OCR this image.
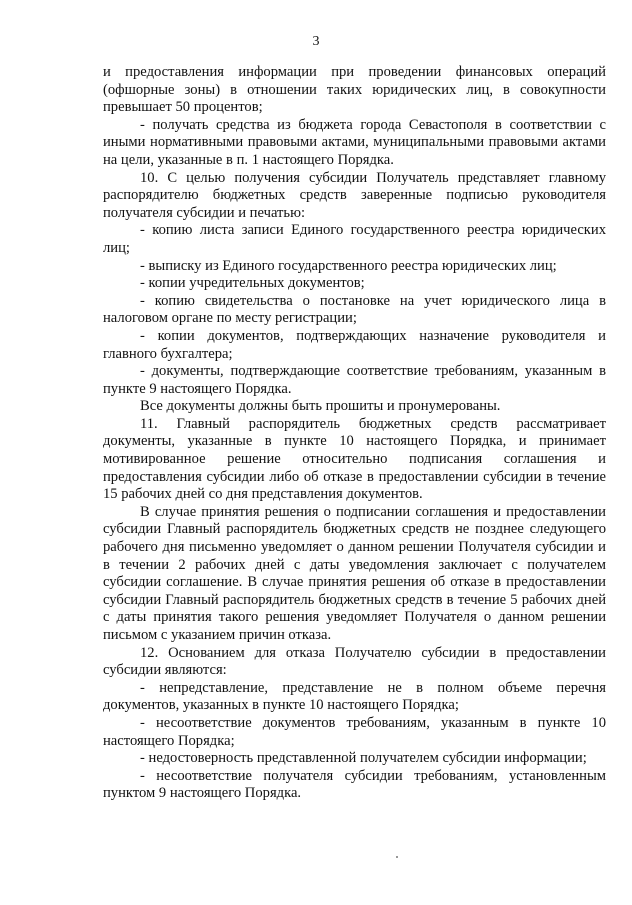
3

и предоставления информации при проведении финансовых операций (офшорные зоны) в отношении таких юридических лиц, в совокупности превышает 50 процентов;

- получать средства из бюджета города Севастополя в соответствии с иными нормативными правовыми актами, муниципальными правовыми актами на цели, указанные в п. 1 настоящего Порядка.

10. С целью получения субсидии Получатель представляет главному распорядителю бюджетных средств заверенные подписью руководителя получателя субсидии и печатью:

- копию листа записи Единого государственного реестра юридических лиц;

- выписку из Единого государственного реестра юридических лиц;

- копии учредительных документов;

- копию свидетельства о постановке на учет юридического лица в налоговом органе по месту регистрации;

- копии документов, подтверждающих назначение руководителя и главного бухгалтера;

- документы, подтверждающие соответствие требованиям, указанным в пункте 9 настоящего Порядка.

Все документы должны быть прошиты и пронумерованы.

11. Главный распорядитель бюджетных средств рассматривает документы, указанные в пункте 10 настоящего Порядка, и принимает мотивированное решение относительно подписания соглашения и предоставления субсидии либо об отказе в предоставлении субсидии в течение 15 рабочих дней со дня представления документов.

В случае принятия решения о подписании соглашения и предоставлении субсидии Главный распорядитель бюджетных средств не позднее следующего рабочего дня письменно уведомляет о данном решении Получателя субсидии и в течении 2 рабочих дней с даты уведомления заключает с получателем субсидии соглашение. В случае принятия решения об отказе в предоставлении субсидии Главный распорядитель бюджетных средств в течение 5 рабочих дней с даты принятия такого решения уведомляет Получателя о данном решении письмом с указанием причин отказа.

12. Основанием для отказа Получателю субсидии в предоставлении субсидии являются:

- непредставление, представление не в полном объеме перечня документов, указанных в пункте 10 настоящего Порядка;

- несоответствие документов требованиям, указанным в пункте 10 настоящего Порядка;

- недостоверность представленной получателем субсидии информации;

- несоответствие получателя субсидии требованиям, установленным пунктом 9 настоящего Порядка.
